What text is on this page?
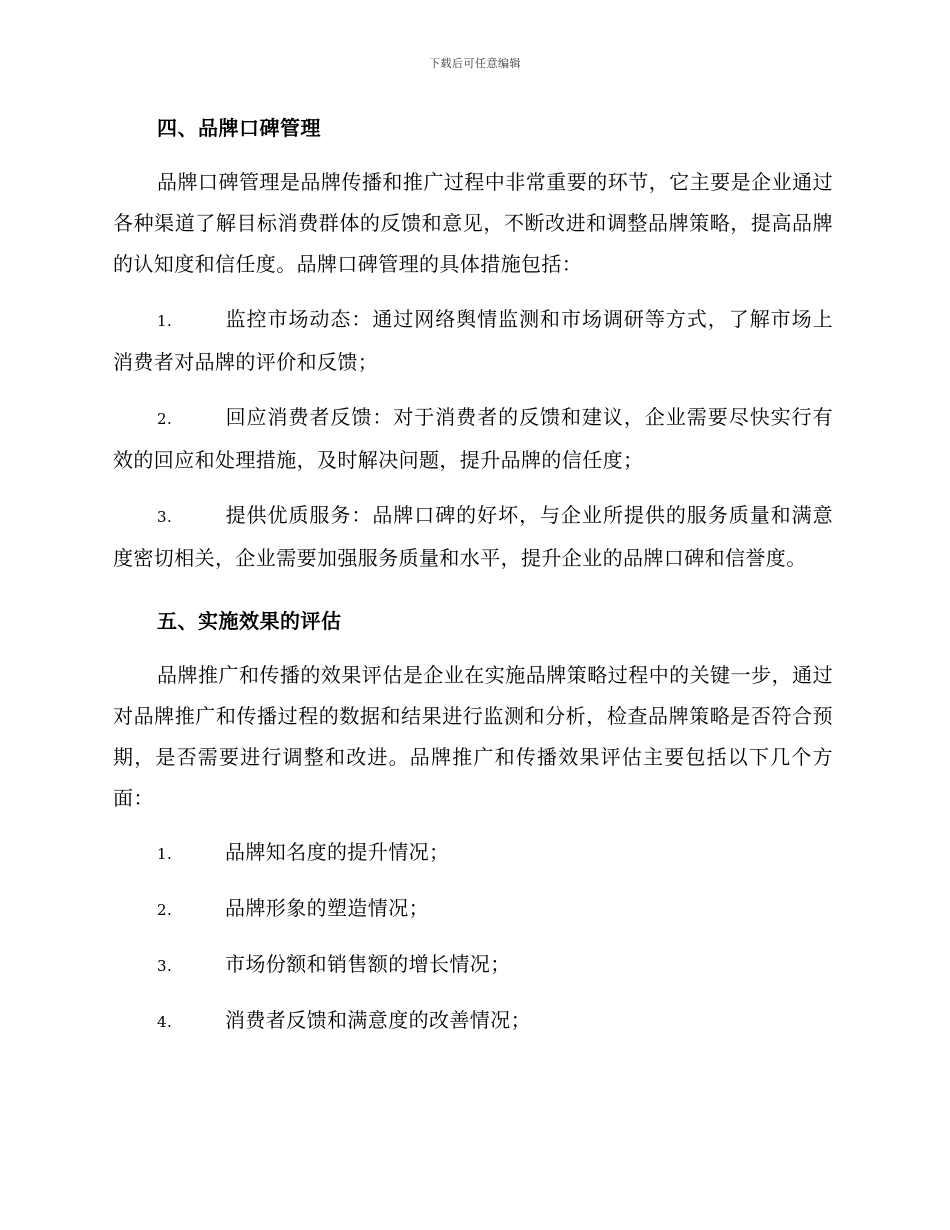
下载后可任意编辑
四、品牌口碑管理

品牌口碑管理是品牌传播和推广过程中非常重要的环节，它主要是企业通过各种渠道了解目标消费群体的反馈和意见，不断改进和调整品牌策略，提高品牌的认知度和信任度。品牌口碑管理的具体措施包括：

1.	监控市场动态：通过网络舆情监测和市场调研等方式，了解市场上消费者对品牌的评价和反馈；

2.	回应消费者反馈：对于消费者的反馈和建议，企业需要尽快实行有效的回应和处理措施，及时解决问题，提升品牌的信任度；

3.	提供优质服务：品牌口碑的好坏，与企业所提供的服务质量和满意度密切相关，企业需要加强服务质量和水平，提升企业的品牌口碑和信誉度。

五、实施效果的评估

品牌推广和传播的效果评估是企业在实施品牌策略过程中的关键一步，通过对品牌推广和传播过程的数据和结果进行监测和分析，检查品牌策略是否符合预期，是否需要进行调整和改进。品牌推广和传播效果评估主要包括以下几个方面：

1.	品牌知名度的提升情况；

2.	品牌形象的塑造情况；

3.	市场份额和销售额的增长情况；

4.	消费者反馈和满意度的改善情况；
